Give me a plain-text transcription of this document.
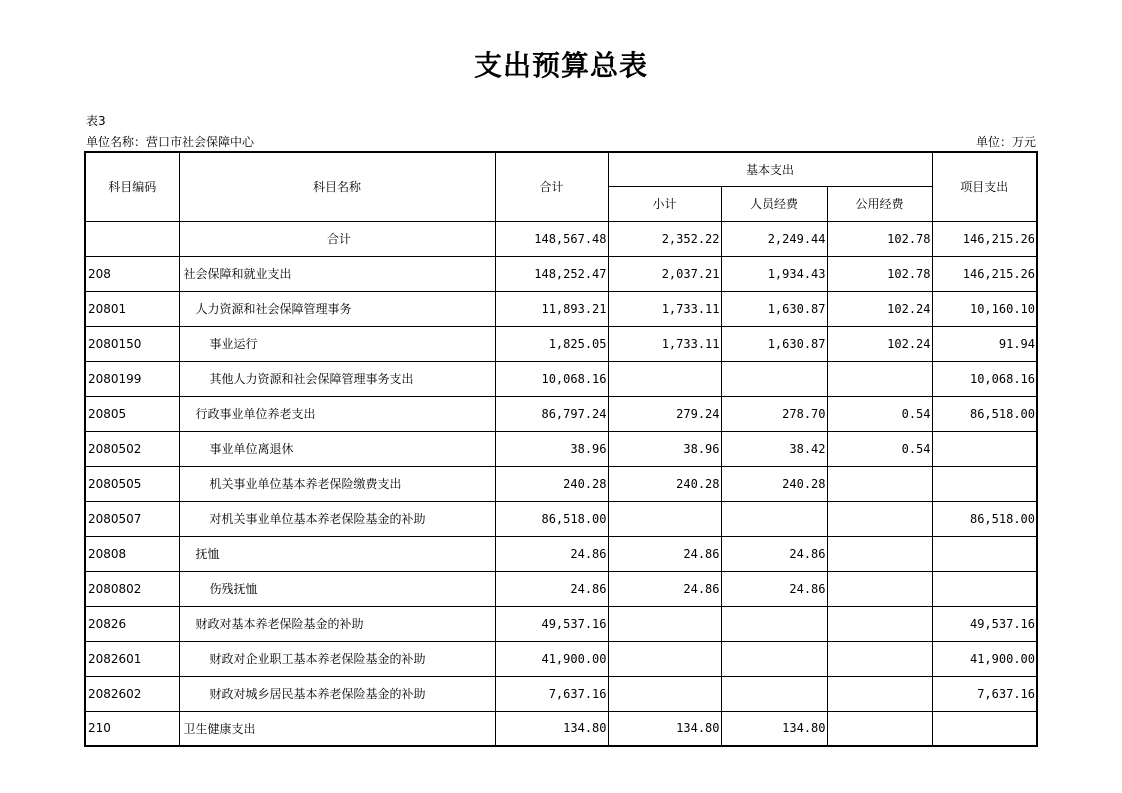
支出预算总表
表3
单位名称：营口市社会保障中心	单位：万元
科目编码	科目名称	合计	基本支出			项目支出
			小计	人员经费	公用经费	
	合计	148,567.48	2,352.22	2,249.44	102.78	146,215.26
208	社会保障和就业支出	148,252.47	2,037.21	1,934.43	102.78	146,215.26
20801	人力资源和社会保障管理事务	11,893.21	1,733.11	1,630.87	102.24	10,160.10
2080150	事业运行	1,825.05	1,733.11	1,630.87	102.24	91.94
2080199	其他人力资源和社会保障管理事务支出	10,068.16				10,068.16
20805	行政事业单位养老支出	86,797.24	279.24	278.70	0.54	86,518.00
2080502	事业单位离退休	38.96	38.96	38.42	0.54	
2080505	机关事业单位基本养老保险缴费支出	240.28	240.28	240.28		
2080507	对机关事业单位基本养老保险基金的补助	86,518.00				86,518.00
20808	抚恤	24.86	24.86	24.86		
2080802	伤残抚恤	24.86	24.86	24.86		
20826	财政对基本养老保险基金的补助	49,537.16				49,537.16
2082601	财政对企业职工基本养老保险基金的补助	41,900.00				41,900.00
2082602	财政对城乡居民基本养老保险基金的补助	7,637.16				7,637.16
210	卫生健康支出	134.80	134.80	134.80		
